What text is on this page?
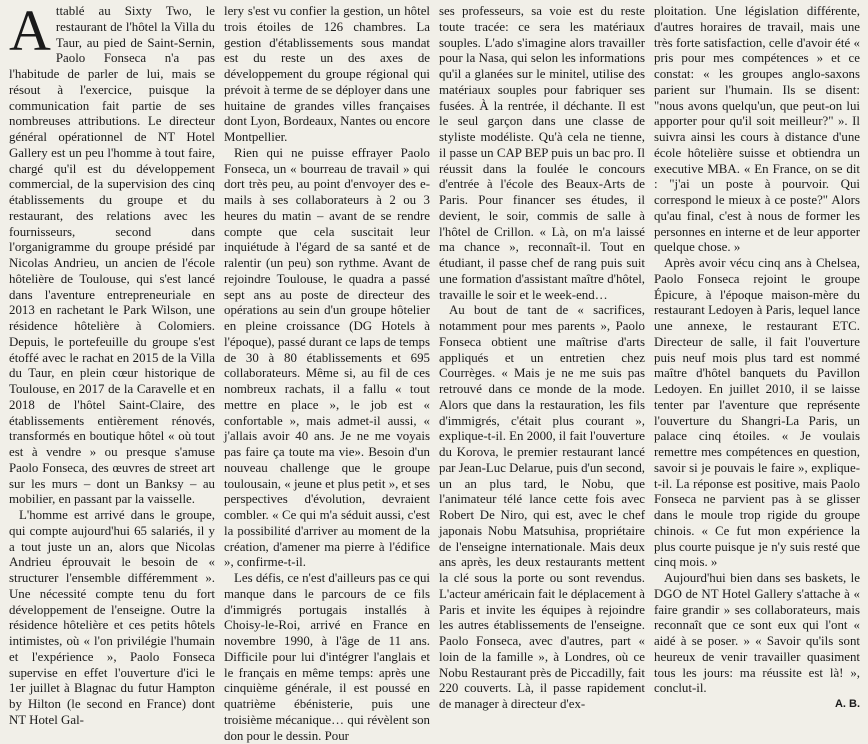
A ttablé au Sixty Two, le restaurant de l'hôtel la Villa du Taur, au pied de Saint-Sernin, Paolo Fonseca n'a pas l'habitude de parler de lui, mais se résout à l'exercice, puisque la communication fait partie de ses nombreuses attributions. Le directeur général opérationnel de NT Hotel Gallery est un peu l'homme à tout faire, chargé qu'il est du développement commercial, de la supervision des cinq établissements du groupe et du restaurant, des relations avec les fournisseurs, second dans l'organigramme du groupe présidé par Nicolas Andrieu, un ancien de l'école hôtelière de Toulouse, qui s'est lancé dans l'aventure entrepreneuriale en 2013 en rachetant le Park Wilson, une résidence hôtelière à Colomiers. Depuis, le portefeuille du groupe s'est étoffé avec le rachat en 2015 de la Villa du Taur, en plein cœur historique de Toulouse, en 2017 de la Caravelle et en 2018 de l'hôtel Saint-Claire, des établissements entièrement rénovés, transformés en boutique hôtel « où tout est à vendre » ou presque s'amuse Paolo Fonseca, des œuvres de street art sur les murs – dont un Banksy – au mobilier, en passant par la vaisselle.

L'homme est arrivé dans le groupe, qui compte aujourd'hui 65 salariés, il y a tout juste un an, alors que Nicolas Andrieu éprouvait le besoin de « structurer l'ensemble différemment ». Une nécessité compte tenu du fort développement de l'enseigne. Outre la résidence hôtelière et ces petits hôtels intimistes, où « l'on privilégie l'humain et l'expérience », Paolo Fonseca supervise en effet l'ouverture d'ici le 1er juillet à Blagnac du futur Hampton by Hilton (le second en France) dont NT Hotel Gal-

lery s'est vu confier la gestion, un hôtel trois étoiles de 126 chambres. La gestion d'établissements sous mandat est du reste un des axes de développement du groupe régional qui prévoit à terme de se déployer dans une huitaine de grandes villes françaises dont Lyon, Bordeaux, Nantes ou encore Montpellier.

Rien qui ne puisse effrayer Paolo Fonseca, un « bourreau de travail » qui dort très peu, au point d'envoyer des e-mails à ses collaborateurs à 2 ou 3 heures du matin – avant de se rendre compte que cela suscitait leur inquiétude à l'égard de sa santé et de ralentir (un peu) son rythme. Avant de rejoindre Toulouse, le quadra a passé sept ans au poste de directeur des opérations au sein d'un groupe hôtelier en pleine croissance (DG Hotels à l'époque), passé durant ce laps de temps de 30 à 80 établissements et 695 collaborateurs. Même si, au fil de ces nombreux rachats, il a fallu « tout mettre en place », le job est « confortable », mais admet-il aussi, « j'allais avoir 40 ans. Je ne me voyais pas faire ça toute ma vie». Besoin d'un nouveau challenge que le groupe toulousain, « jeune et plus petit », et ses perspectives d'évolution, devraient combler. « Ce qui m'a séduit aussi, c'est la possibilité d'arriver au moment de la création, d'amener ma pierre à l'édifice », confirme-t-il.

Les défis, ce n'est d'ailleurs pas ce qui manque dans le parcours de ce fils d'immigrés portugais installés à Choisy-le-Roi, arrivé en France en novembre 1990, à l'âge de 11 ans. Difficile pour lui d'intégrer l'anglais et le français en même temps: après une cinquième générale, il est poussé en quatrième ébénisterie, puis une troisième mécanique… qui révèlent son don pour le dessin. Pour

ses professeurs, sa voie est du reste toute tracée: ce sera les matériaux souples. L'ado s'imagine alors travailler pour la Nasa, qui selon les informations qu'il a glanées sur le minitel, utilise des matériaux souples pour fabriquer ses fusées. À la rentrée, il déchante. Il est le seul garçon dans une classe de styliste modéliste. Qu'à cela ne tienne, il passe un CAP BEP puis un bac pro. Il réussit dans la foulée le concours d'entrée à l'école des Beaux-Arts de Paris. Pour financer ses études, il devient, le soir, commis de salle à l'hôtel de Crillon. « Là, on m'a laissé ma chance », reconnaît-il. Tout en étudiant, il passe chef de rang puis suit une formation d'assistant maître d'hôtel, travaille le soir et le week-end…

Au bout de tant de « sacrifices, notamment pour mes parents », Paolo Fonseca obtient une maîtrise d'arts appliqués et un entretien chez Courrèges. « Mais je ne me suis pas retrouvé dans ce monde de la mode. Alors que dans la restauration, les fils d'immigrés, c'était plus courant », explique-t-il. En 2000, il fait l'ouverture du Korova, le premier restaurant lancé par Jean-Luc Delarue, puis d'un second, un an plus tard, le Nobu, que l'animateur télé lance cette fois avec Robert De Niro, qui est, avec le chef japonais Nobu Matsuhisa, propriétaire de l'enseigne internationale. Mais deux ans après, les deux restaurants mettent la clé sous la porte ou sont revendus. L'acteur américain fait le déplacement à Paris et invite les équipes à rejoindre les autres établissements de l'enseigne. Paolo Fonseca, avec d'autres, part « loin de la famille », à Londres, où ce Nobu Restaurant près de Piccadilly, fait 220 couverts. Là, il passe rapidement de manager à directeur d'ex-

ploitation. Une législation différente, d'autres horaires de travail, mais une très forte satisfaction, celle d'avoir été « pris pour mes compétences » et ce constat: « les groupes anglo-saxons parient sur l'humain. Ils se disent: "nous avons quelqu'un, que peut-on lui apporter pour qu'il soit meilleur?" ». Il suivra ainsi les cours à distance d'une école hôtelière suisse et obtiendra un executive MBA. « En France, on se dit : "j'ai un poste à pourvoir. Qui correspond le mieux à ce poste?" Alors qu'au final, c'est à nous de former les personnes en interne et de leur apporter quelque chose. »

Après avoir vécu cinq ans à Chelsea, Paolo Fonseca rejoint le groupe Épicure, à l'époque maison-mère du restaurant Ledoyen à Paris, lequel lance une annexe, le restaurant ETC. Directeur de salle, il fait l'ouverture puis neuf mois plus tard est nommé maître d'hôtel banquets du Pavillon Ledoyen. En juillet 2010, il se laisse tenter par l'aventure que représente l'ouverture du Shangri-La Paris, un palace cinq étoiles. « Je voulais remettre mes compétences en question, savoir si je pouvais le faire », explique-t-il. La réponse est positive, mais Paolo Fonseca ne parvient pas à se glisser dans le moule trop rigide du groupe chinois. « Ce fut mon expérience la plus courte puisque je n'y suis resté que cinq mois. »

Aujourd'hui bien dans ses baskets, le DGO de NT Hotel Gallery s'attache à « faire grandir » ses collaborateurs, mais reconnaît que ce sont eux qui l'ont « aidé à se poser. » « Savoir qu'ils sont heureux de venir travailler quasiment tous les jours: ma réussite est là! », conclut-il.

A. B.
